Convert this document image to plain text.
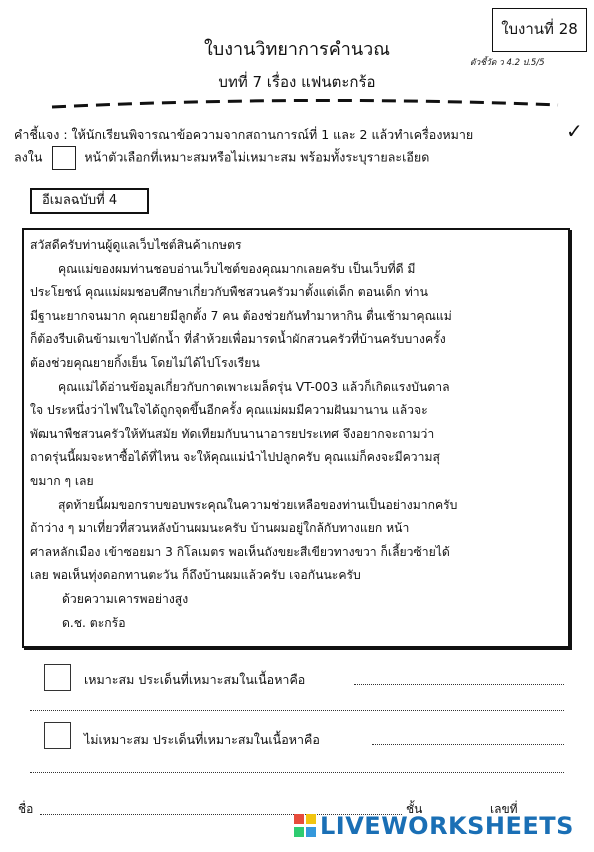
ใบงานวิทยาการคำนวณ
บทที่ 7 เรื่อง แฟนตะกร้อ
ใบงานที่ 28
ตัวชี้วัด ว 4.2 ป.5/5
คำชี้แจง : ให้นักเรียนพิจารณาข้อความจากสถานการณ์ที่ 1 และ 2 แล้วทำเครื่องหมาย	✓
ลงใน	หน้าตัวเลือกที่เหมาะสมหรือไม่เหมาะสม พร้อมทั้งระบุรายละเอียด
อีเมลฉบับที่ 4
สวัสดีครับท่านผู้ดูแลเว็บไซต์สินค้าเกษตร
คุณแม่ของผมท่านชอบอ่านเว็บไซต์ของคุณมากเลยครับ เป็นเว็บที่ดี มี
ประโยชน์ คุณแม่ผมชอบศึกษาเกี่ยวกับพืชสวนครัวมาตั้งแต่เด็ก ตอนเด็ก ท่าน
มีฐานะยากจนมาก คุณยายมีลูกตั้ง 7 คน ต้องช่วยกันทำมาหากิน ตื่นเช้ามาคุณแม่
ก็ต้องรีบเดินข้ามเขาไปตักน้ำ ที่ลำห้วยเพื่อมารดน้ำผักสวนครัวที่บ้านครับบางครั้ง
ต้องช่วยคุณยายกิ้งเย็น โดยไม่ได้ไปโรงเรียน
คุณแม่ได้อ่านข้อมูลเกี่ยวกับกาดเพาะเมล็ดรุ่น VT-003 แล้วก็เกิดแรงบันดาล
ใจ ประหนึ่งว่าไฟในใจได้ถูกจุดขึ้นอีกครั้ง คุณแม่ผมมีความฝันมานาน แล้วจะ
พัฒนาพืชสวนครัวให้ทันสมัย ทัดเทียมกับนานาอารยประเทศ จึงอยากจะถามว่า
ถาดรุ่นนี้ผมจะหาซื้อได้ที่ไหน จะให้คุณแม่นำไปปลูกครับ คุณแม่ก็คงจะมีความสุ
ขมาก ๆ เลย
สุดท้ายนี้ผมขอกราบขอบพระคุณในความช่วยเหลือของท่านเป็นอย่างมากครับ
ถ้าว่าง ๆ มาเที่ยวที่สวนหลังบ้านผมนะครับ บ้านผมอยู่ใกล้กับทางแยก หน้า
ศาลหลักเมือง เข้าซอยมา 3 กิโลเมตร พอเห็นถังขยะสีเขียวทางขวา ก็เลี้ยวซ้ายได้
เลย พอเห็นทุ่งดอกทานตะวัน ก็ถึงบ้านผมแล้วครับ เจอกันนะครับ
ด้วยความเคารพอย่างสูง
ด.ช. ตะกร้อ
เหมาะสม ประเด็นที่เหมาะสมในเนื้อหาคือ
ไม่เหมาะสม ประเด็นที่เหมาะสมในเนื้อหาคือ
ชื่อ	ชั้น	เลขที่
LIVEWORKSHEETS
